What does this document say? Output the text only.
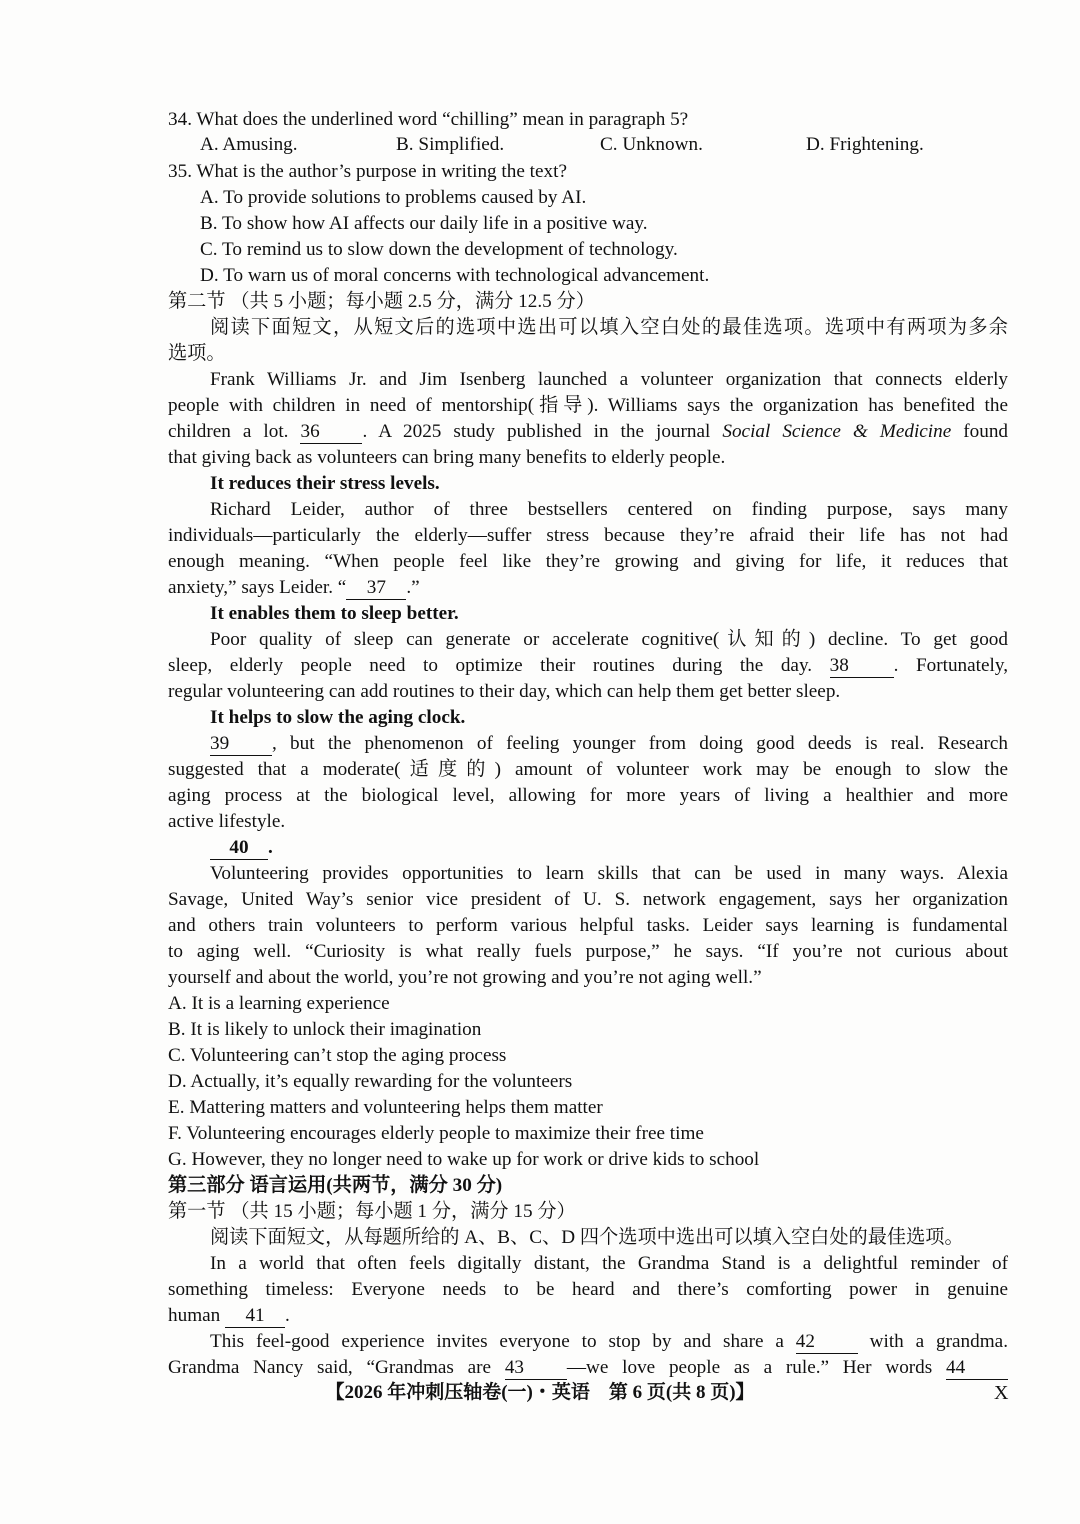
34. What does the underlined word “chilling” mean in paragraph 5?

A. Amusing.	B. Simplified.	C. Unknown.	D. Frightening.

35. What is the author’s purpose in writing the text?

A. To provide solutions to problems caused by AI.

B. To show how AI affects our daily life in a positive way.

C. To remind us to slow down the development of technology.

D. To warn us of moral concerns with technological advancement.

第二节 （共 5 小题；每小题 2.5 分，满分 12.5 分）

阅读下面短文，从短文后的选项中选出可以填入空白处的最佳选项。选项中有两项为多余

选项。

Frank Williams Jr. and Jim Isenberg launched a volunteer organization that connects elderly

people with children in need of mentorship(指导). Williams says the organization has benefited the

children a lot. 36 . A 2025 study published in the journal Social Science & Medicine found

that giving back as volunteers can bring many benefits to elderly people.

It reduces their stress levels.

Richard Leider, author of three bestsellers centered on finding purpose, says many

individuals—particularly the elderly—suffer stress because they’re afraid their life has not had

enough meaning. “When people feel like they’re growing and giving for life, it reduces that

anxiety,” says Leider. “ 37 .”

It enables them to sleep better.

Poor quality of sleep can generate or accelerate cognitive(认知的) decline. To get good

sleep, elderly people need to optimize their routines during the day. 38 . Fortunately,

regular volunteering can add routines to their day, which can help them get better sleep.

It helps to slow the aging clock.

39 , but the phenomenon of feeling younger from doing good deeds is real. Research

suggested that a moderate(适度的) amount of volunteer work may be enough to slow the

aging process at the biological level, allowing for more years of living a healthier and more

active lifestyle.

40 .

Volunteering provides opportunities to learn skills that can be used in many ways. Alexia

Savage, United Way’s senior vice president of U. S. network engagement, says her organization

and others train volunteers to perform various helpful tasks. Leider says learning is fundamental

to aging well. “Curiosity is what really fuels purpose,” he says. “If you’re not curious about

yourself and about the world, you’re not growing and you’re not aging well.”

A. It is a learning experience

B. It is likely to unlock their imagination

C. Volunteering can’t stop the aging process

D. Actually, it’s equally rewarding for the volunteers

E. Mattering matters and volunteering helps them matter

F. Volunteering encourages elderly people to maximize their free time

G. However, they no longer need to wake up for work or drive kids to school

第三部分 语言运用(共两节，满分 30 分)

第一节 （共 15 小题；每小题 1 分，满分 15 分）

阅读下面短文，从每题所给的 A、B、C、D 四个选项中选出可以填入空白处的最佳选项。

In a world that often feels digitally distant, the Grandma Stand is a delightful reminder of

something timeless: Everyone needs to be heard and there’s comforting power in genuine

human 41 .

This feel-good experience invites everyone to stop by and share a 42	with a grandma.

Grandma Nancy said, “Grandmas are 43 —we love people as a rule.” Her words 44

【2026 年冲刺压轴卷(一)・英语　第 6 页(共 8 页)】	X
